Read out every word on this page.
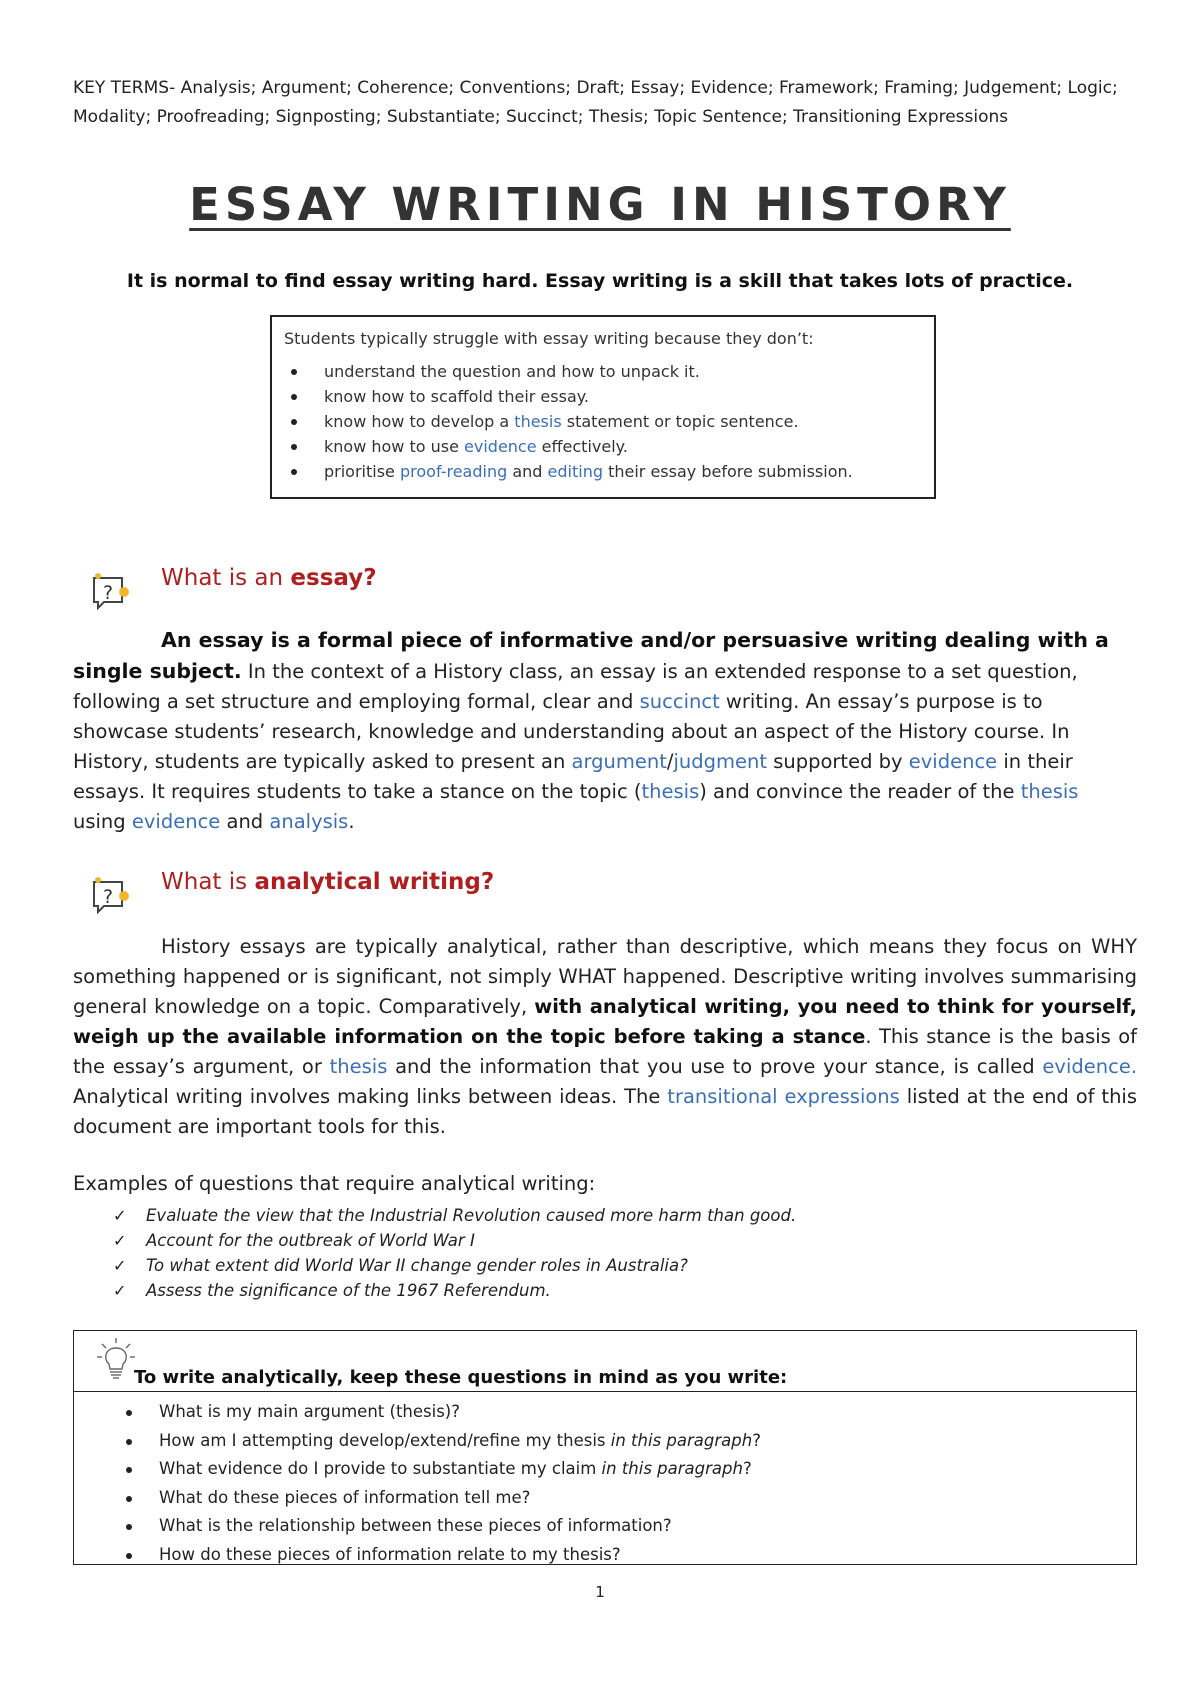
KEY TERMS- Analysis; Argument; Coherence; Conventions; Draft; Essay; Evidence; Framework; Framing; Judgement; Logic; Modality; Proofreading; Signposting; Substantiate; Succinct; Thesis; Topic Sentence; Transitioning Expressions
ESSAY WRITING IN HISTORY
It is normal to find essay writing hard. Essay writing is a skill that takes lots of practice.
Students typically struggle with essay writing because they don’t:
understand the question and how to unpack it.
know how to scaffold their essay.
know how to develop a thesis statement or topic sentence.
know how to use evidence effectively.
prioritise proof-reading and editing their essay before submission.
?
What is an essay?
An essay is a formal piece of informative and/or persuasive writing dealing with a single subject. In the context of a History class, an essay is an extended response to a set question, following a set structure and employing formal, clear and succinct writing. An essay’s purpose is to showcase students’ research, knowledge and understanding about an aspect of the History course. In History, students are typically asked to present an argument/judgment supported by evidence in their essays. It requires students to take a stance on the topic (thesis) and convince the reader of the thesis using evidence and analysis.
?
What is analytical writing?
History essays are typically analytical, rather than descriptive, which means they focus on WHY something happened or is significant, not simply WHAT happened. Descriptive writing involves summarising general knowledge on a topic. Comparatively, with analytical writing, you need to think for yourself, weigh up the available information on the topic before taking a stance. This stance is the basis of the essay’s argument, or thesis and the information that you use to prove your stance, is called evidence. Analytical writing involves making links between ideas. The transitional expressions listed at the end of this document are important tools for this.
Examples of questions that require analytical writing:
✓ Evaluate the view that the Industrial Revolution caused more harm than good.
✓ Account for the outbreak of World War I
✓ To what extent did World War II change gender roles in Australia?
✓ Assess the significance of the 1967 Referendum.
To write analytically, keep these questions in mind as you write:
What is my main argument (thesis)?
How am I attempting develop/extend/refine my thesis in this paragraph?
What evidence do I provide to substantiate my claim in this paragraph?
What do these pieces of information tell me?
What is the relationship between these pieces of information?
How do these pieces of information relate to my thesis?
1
